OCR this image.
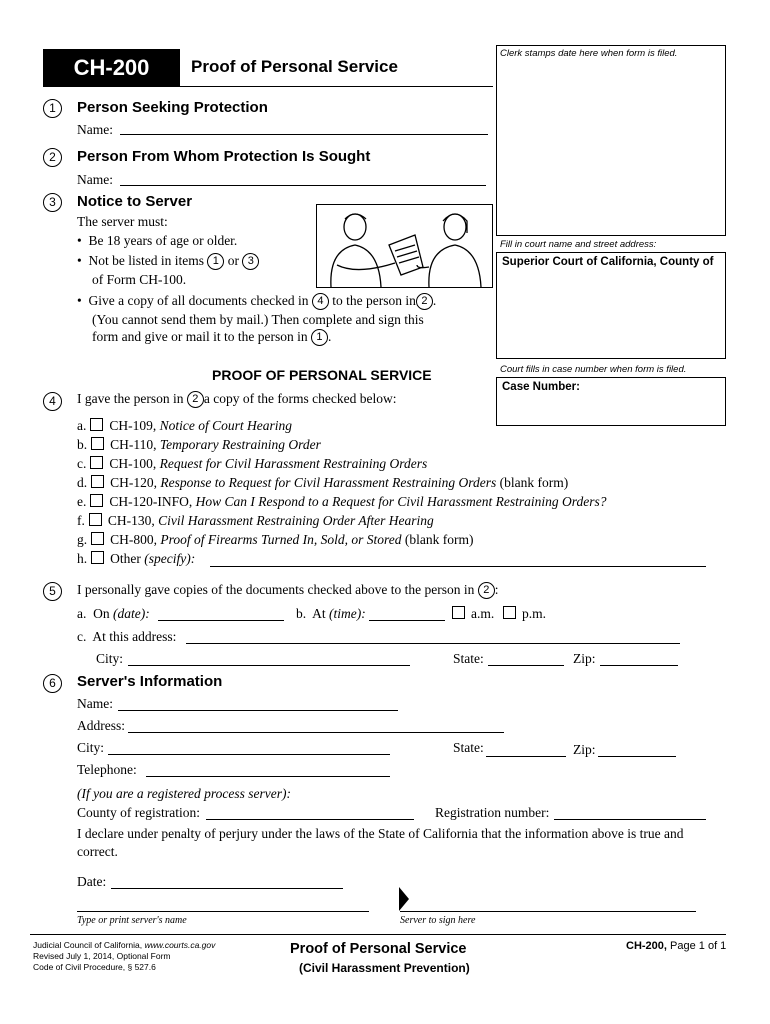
CH-200	Proof of Personal Service
Clerk stamps date here when form is filed.
Fill in court name and street address:
Superior Court of California, County of
Court fills in case number when form is filed.
Case Number:
1	Person Seeking Protection
Name:
2	Person From Whom Protection Is Sought
Name:
3	Notice to Server
The server must:
•  Be 18 years of age or older.
•  Not be listed in items 1 or 3
of Form CH-100.
•  Give a copy of all documents checked in 4 to the person in 2 .
(You cannot send them by mail.) Then complete and sign this
form and give or mail it to the person in 1 .
PROOF OF PERSONAL SERVICE
4	I gave the person in 2 a copy of the forms checked below:
a. CH-109, Notice of Court Hearing
b. CH-110, Temporary Restraining Order
c. CH-100, Request for Civil Harassment Restraining Orders
d. CH-120, Response to Request for Civil Harassment Restraining Orders (blank form)
e. CH-120-INFO, How Can I Respond to a Request for Civil Harassment Restraining Orders?
f. CH-130, Civil Harassment Restraining Order After Hearing
g. CH-800, Proof of Firearms Turned In, Sold, or Stored (blank form)
h. Other (specify):
5	I personally gave copies of the documents checked above to the person in 2 :
a. On (date):	b. At (time):	a.m.	p.m.
c. At this address:
City:	State:	Zip:
6	Server's Information
Name:
Address:
City:	State:	Zip:
Telephone:
(If you are a registered process server):
County of registration:	Registration number:
I declare under penalty of perjury under the laws of the State of California that the information above is true and
correct.
Date:
Type or print server's name	Server to sign here
Judicial Council of California, www.courts.ca.gov
Revised July 1, 2014, Optional Form
Code of Civil Procedure, § 527.6
Proof of Personal Service
(Civil Harassment Prevention)
CH-200, Page 1 of 1
